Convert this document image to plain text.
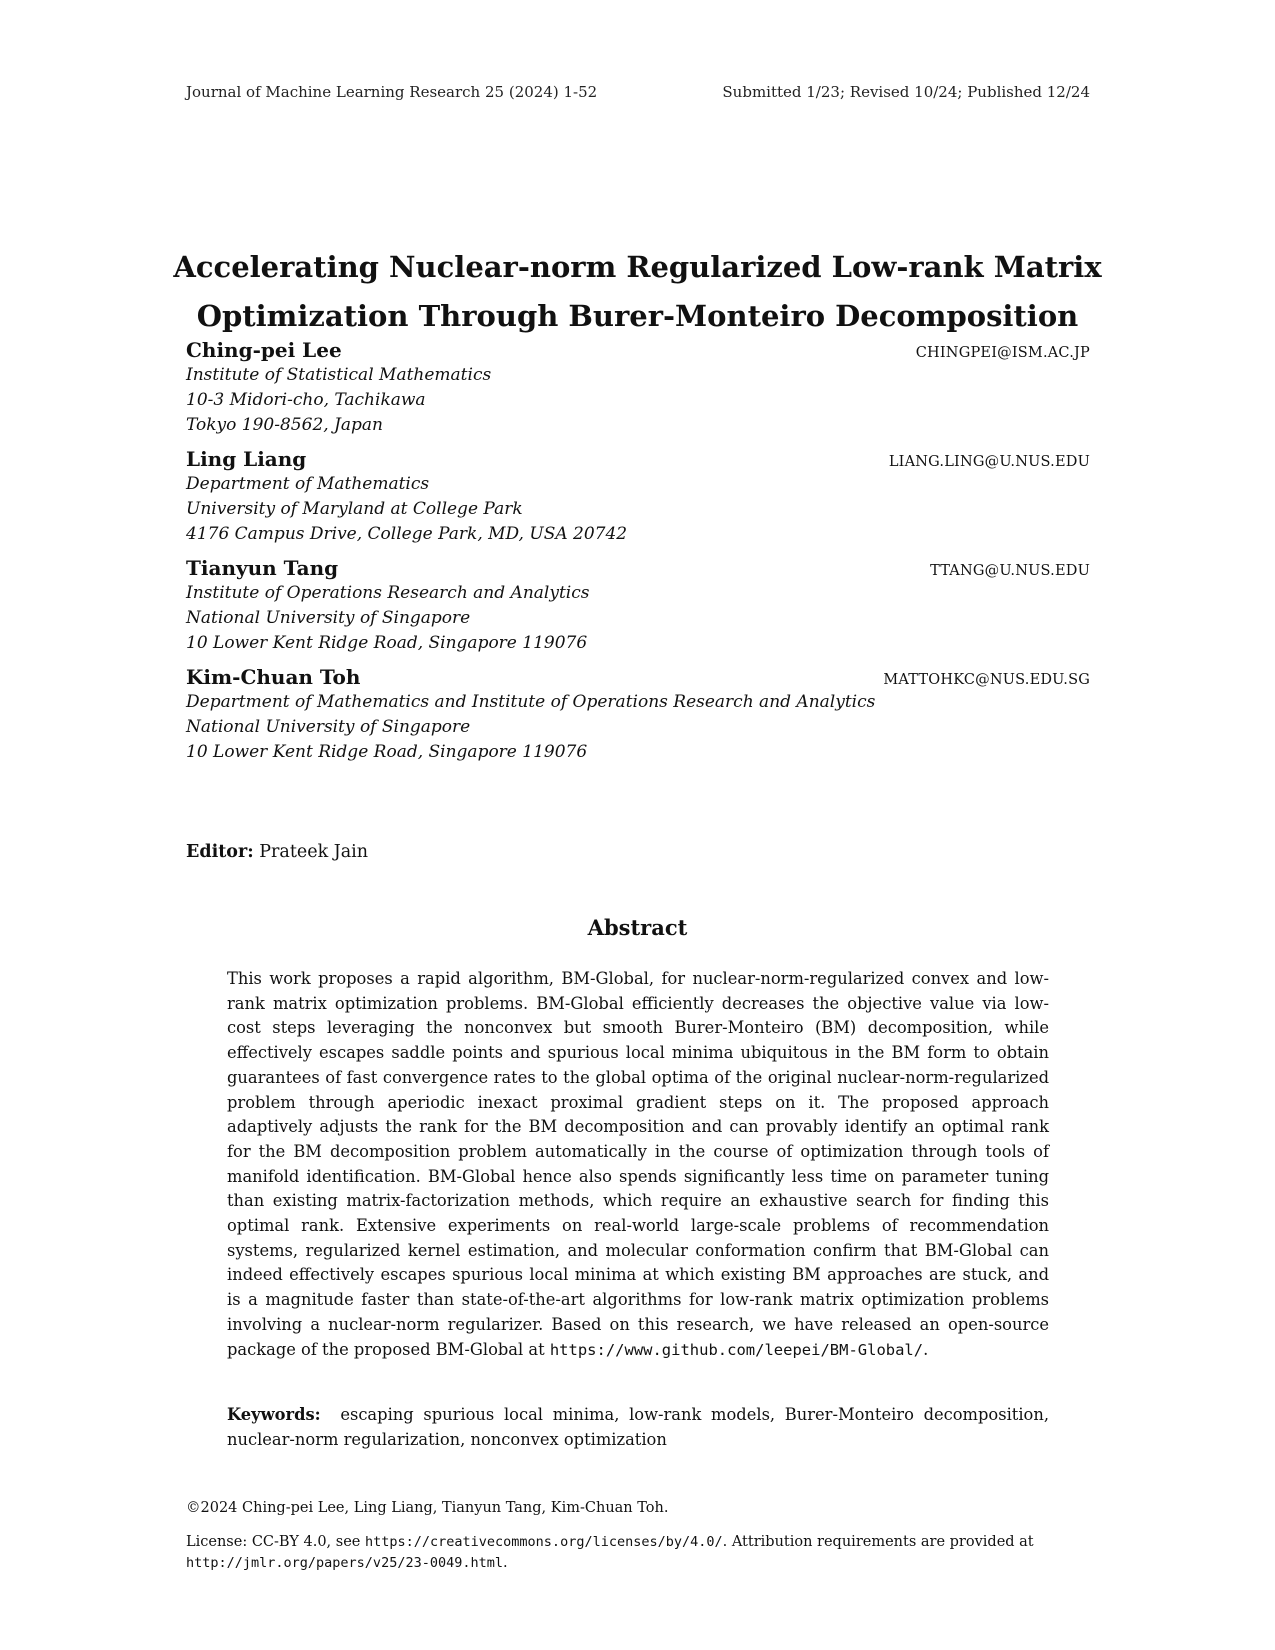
Journal of Machine Learning Research 25 (2024) 1-52	Submitted 1/23; Revised 10/24; Published 12/24
Accelerating Nuclear-norm Regularized Low-rank Matrix
Optimization Through Burer-Monteiro Decomposition
Ching-pei Lee	CHINGPEI@ISM.AC.JP
Institute of Statistical Mathematics
10-3 Midori-cho, Tachikawa
Tokyo 190-8562, Japan
Ling Liang	LIANG.LING@U.NUS.EDU
Department of Mathematics
University of Maryland at College Park
4176 Campus Drive, College Park, MD, USA 20742
Tianyun Tang	TTANG@U.NUS.EDU
Institute of Operations Research and Analytics
National University of Singapore
10 Lower Kent Ridge Road, Singapore 119076
Kim-Chuan Toh	MATTOHKC@NUS.EDU.SG
Department of Mathematics and Institute of Operations Research and Analytics
National University of Singapore
10 Lower Kent Ridge Road, Singapore 119076
Editor: Prateek Jain
Abstract
This work proposes a rapid algorithm, BM-Global, for nuclear-norm-regularized convex and low-rank matrix optimization problems. BM-Global efficiently decreases the objective value via low-cost steps leveraging the nonconvex but smooth Burer-Monteiro (BM) decomposition, while effectively escapes saddle points and spurious local minima ubiquitous in the BM form to obtain guarantees of fast convergence rates to the global optima of the original nuclear-norm-regularized problem through aperiodic inexact proximal gradient steps on it. The proposed approach adaptively adjusts the rank for the BM decomposition and can provably identify an optimal rank for the BM decomposition problem automatically in the course of optimization through tools of manifold identification. BM-Global hence also spends significantly less time on parameter tuning than existing matrix-factorization methods, which require an exhaustive search for finding this optimal rank. Extensive experiments on real-world large-scale problems of recommendation systems, regularized kernel estimation, and molecular conformation confirm that BM-Global can indeed effectively escapes spurious local minima at which existing BM approaches are stuck, and is a magnitude faster than state-of-the-art algorithms for low-rank matrix optimization problems involving a nuclear-norm regularizer. Based on this research, we have released an open-source package of the proposed BM-Global at https://www.github.com/leepei/BM-Global/.
Keywords: escaping spurious local minima, low-rank models, Burer-Monteiro decomposition, nuclear-norm regularization, nonconvex optimization
©2024 Ching-pei Lee, Ling Liang, Tianyun Tang, Kim-Chuan Toh.
License: CC-BY 4.0, see https://creativecommons.org/licenses/by/4.0/. Attribution requirements are provided at http://jmlr.org/papers/v25/23-0049.html.
